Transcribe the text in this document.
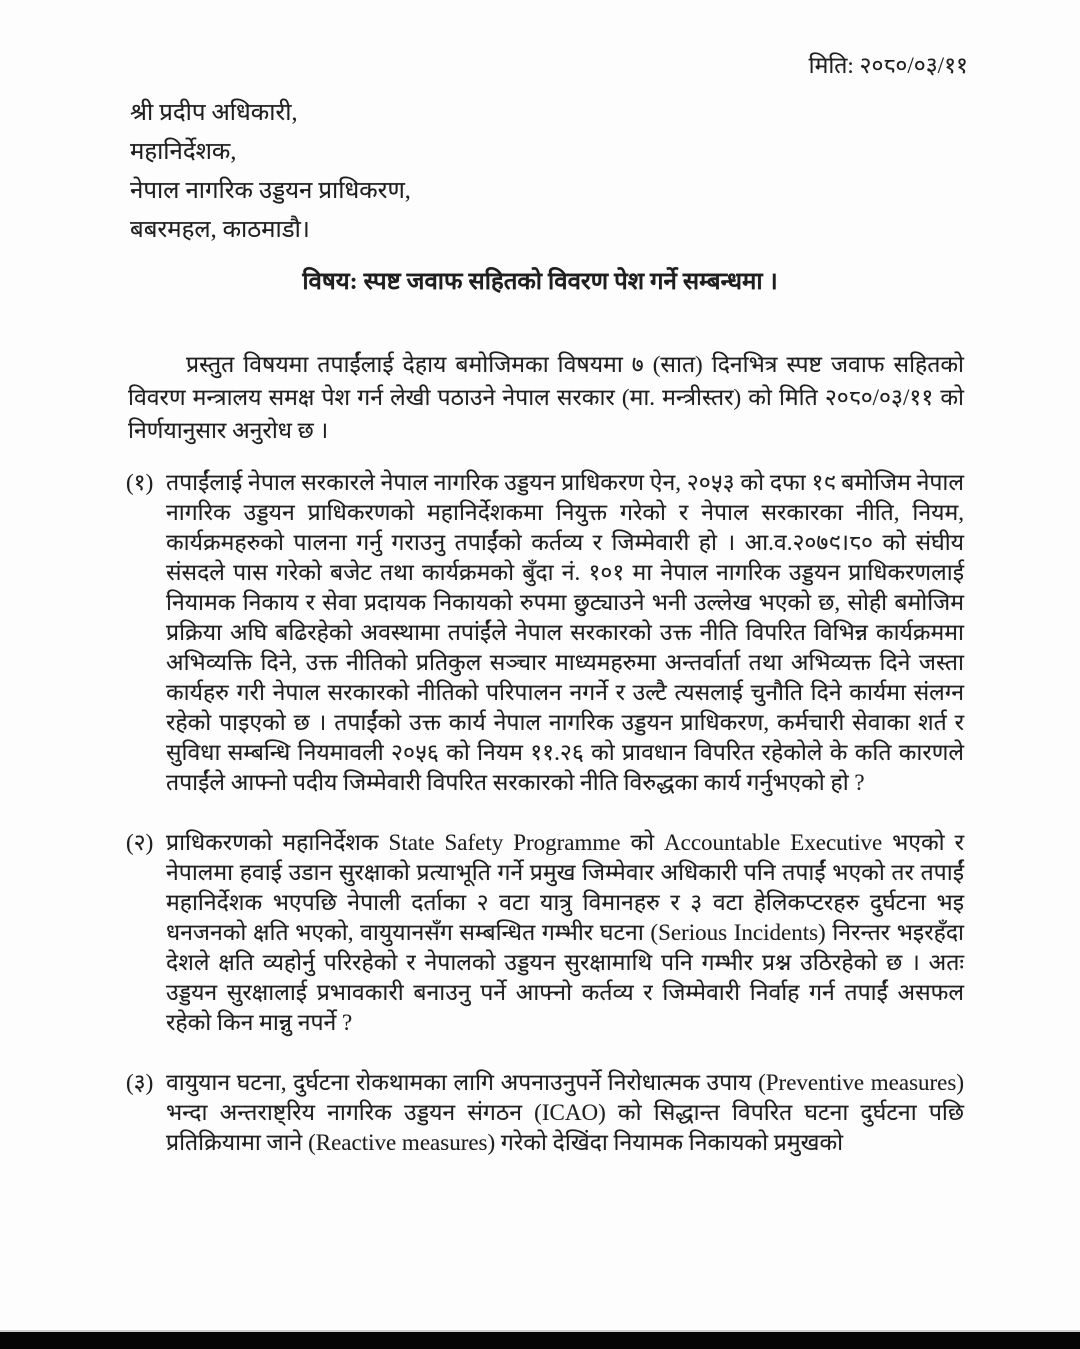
मिति: २०८०/०३/११
श्री प्रदीप अधिकारी,
महानिर्देशक,
नेपाल नागरिक उड्डयन प्राधिकरण,
बबरमहल, काठमाडौ।
विषय: स्पष्ट जवाफ सहितको विवरण पेश गर्ने सम्बन्धमा ।

प्रस्तुत विषयमा तपाईंलाई देहाय बमोजिमका विषयमा ७ (सात) दिनभित्र स्पष्ट जवाफ सहितको विवरण मन्त्रालय समक्ष पेश गर्न लेखी पठाउने नेपाल सरकार (मा. मन्त्रीस्तर) को मिति २०८०/०३/११ को निर्णयानुसार अनुरोध छ ।

(१) तपाईंलाई नेपाल सरकारले नेपाल नागरिक उड्डयन प्राधिकरण ऐन, २०५३ को दफा १९ बमोजिम नेपाल नागरिक उड्डयन प्राधिकरणको महानिर्देशकमा नियुक्त गरेको र नेपाल सरकारका नीति, नियम, कार्यक्रमहरुको पालना गर्नु गराउनु तपाईंको कर्तव्य र जिम्मेवारी हो । आ.व.२०७९।८० को संघीय संसदले पास गरेको बजेट तथा कार्यक्रमको बुँदा नं. १०१ मा नेपाल नागरिक उड्डयन प्राधिकरणलाई नियामक निकाय र सेवा प्रदायक निकायको रुपमा छुट्याउने भनी उल्लेख भएको छ, सोही बमोजिम प्रक्रिया अघि बढिरहेको अवस्थामा तपांईंले नेपाल सरकारको उक्त नीति विपरित विभिन्न कार्यक्रममा अभिव्यक्ति दिने, उक्त नीतिको प्रतिकुल सञ्चार माध्यमहरुमा अन्तर्वार्ता तथा अभिव्यक्त दिने जस्ता कार्यहरु गरी नेपाल सरकारको नीतिको परिपालन नगर्ने र उल्टै त्यसलाई चुनौति दिने कार्यमा संलग्न रहेको पाइएको छ । तपाईंको उक्त कार्य नेपाल नागरिक उड्डयन प्राधिकरण, कर्मचारी सेवाका शर्त र सुविधा सम्बन्धि नियमावली २०५६ को नियम ११.२६ को प्रावधान विपरित रहेकोले के कति कारणले तपाईंले आफ्नो पदीय जिम्मेवारी विपरित सरकारको नीति विरुद्धका कार्य गर्नुभएको हो ?
(२) प्राधिकरणको महानिर्देशक State Safety Programme को Accountable Executive भएको र नेपालमा हवाई उडान सुरक्षाको प्रत्याभूति गर्ने प्रमुख जिम्मेवार अधिकारी पनि तपाईं भएको तर तपाईं महानिर्देशक भएपछि नेपाली दर्ताका २ वटा यात्रु विमानहरु र ३ वटा हेलिकप्टरहरु दुर्घटना भइ धनजनको क्षति भएको, वायुयानसँग सम्बन्धित गम्भीर घटना (Serious Incidents) निरन्तर भइरहँदा देशले क्षति व्यहोर्नु परिरहेको र नेपालको उड्डयन सुरक्षामाथि पनि गम्भीर प्रश्न उठिरहेको छ । अतः उड्डयन सुरक्षालाई प्रभावकारी बनाउनु पर्ने आफ्नो कर्तव्य र जिम्मेवारी निर्वाह गर्न तपाईं असफल रहेको किन मान्नु नपर्ने ?
(३) वायुयान घटना, दुर्घटना रोकथामका लागि अपनाउनुपर्ने निरोधात्मक उपाय (Preventive measures) भन्दा अन्तराष्ट्रिय नागरिक उड्डयन संगठन (ICAO) को सिद्धान्त विपरित घटना दुर्घटना पछि प्रतिक्रियामा जाने (Reactive measures) गरेको देखिंदा नियामक निकायको प्रमुखको
